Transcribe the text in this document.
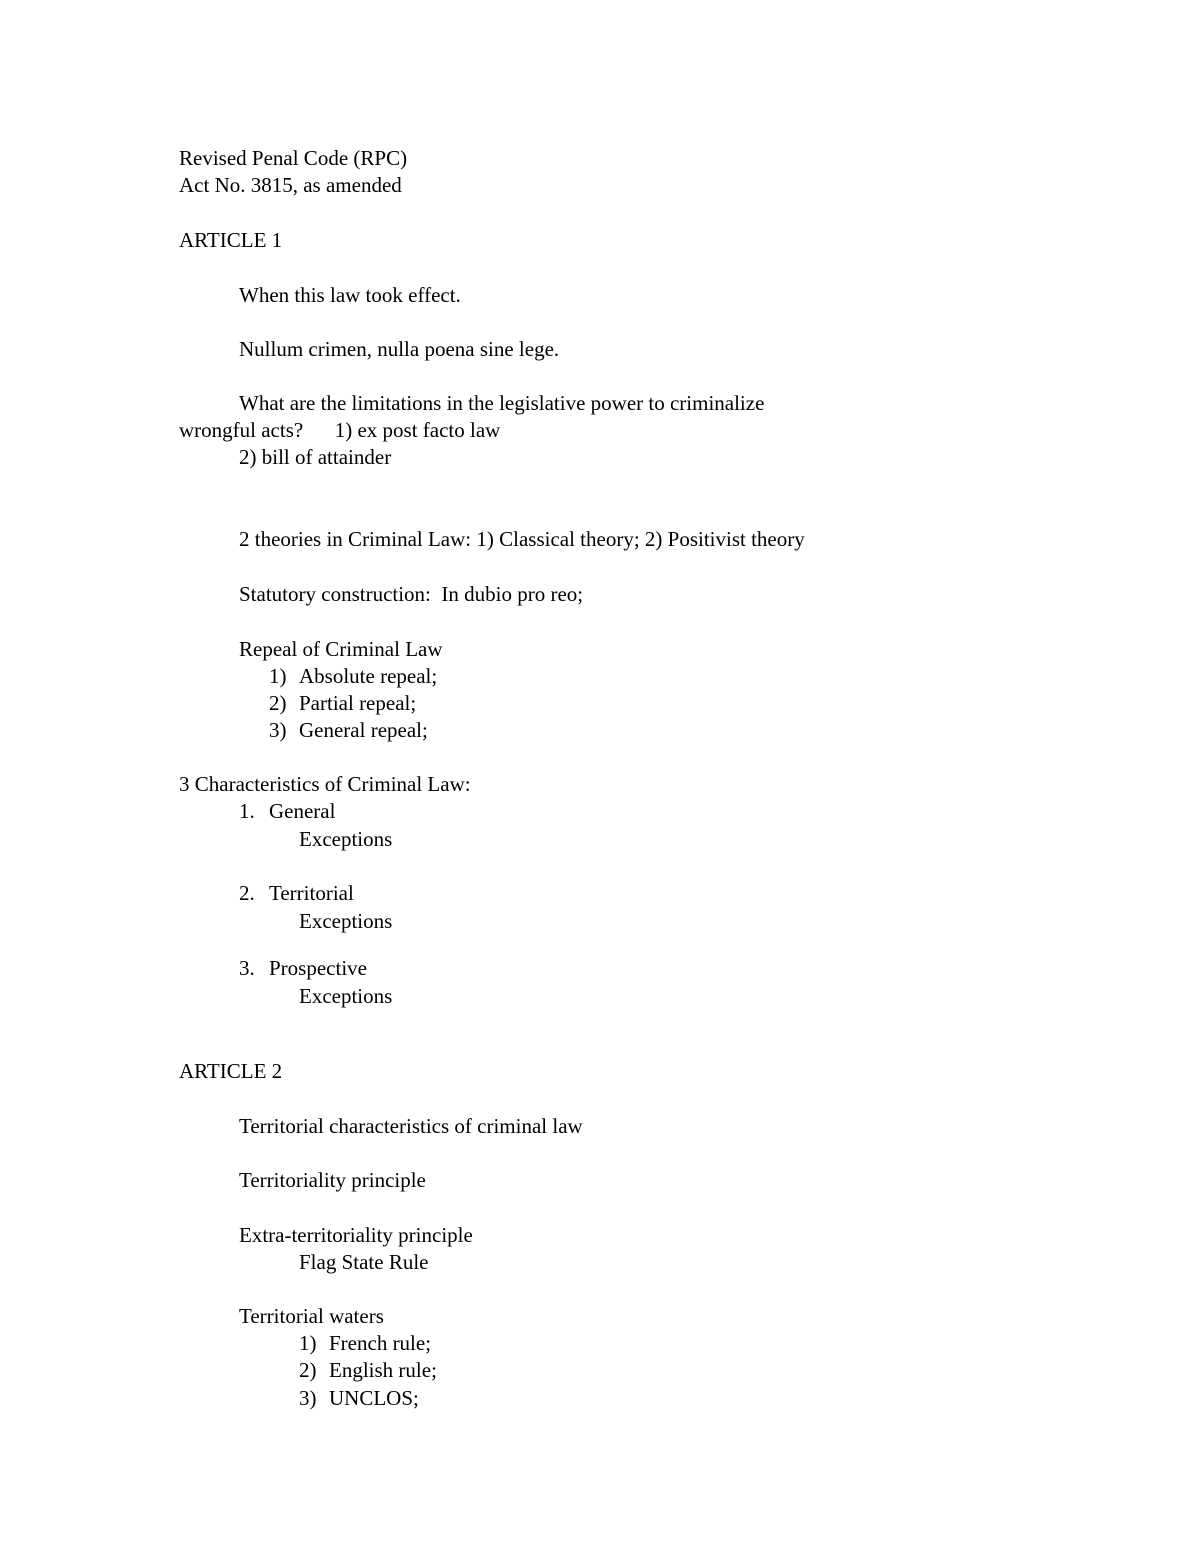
Revised Penal Code (RPC)
Act No. 3815, as amended
ARTICLE 1
When this law took effect.
Nullum crimen, nulla poena sine lege.
What are the limitations in the legislative power to criminalize
wrongful acts?      1) ex post facto law
2) bill of attainder
2 theories in Criminal Law: 1) Classical theory; 2) Positivist theory
Statutory construction:  In dubio pro reo;
Repeal of Criminal Law
1) Absolute repeal;
2) Partial repeal;
3) General repeal;
3 Characteristics of Criminal Law:
1. General
Exceptions
2. Territorial
Exceptions
3. Prospective
Exceptions
ARTICLE 2
Territorial characteristics of criminal law
Territoriality principle
Extra-territoriality principle
Flag State Rule
Territorial waters
1) French rule;
2) English rule;
3) UNCLOS;
